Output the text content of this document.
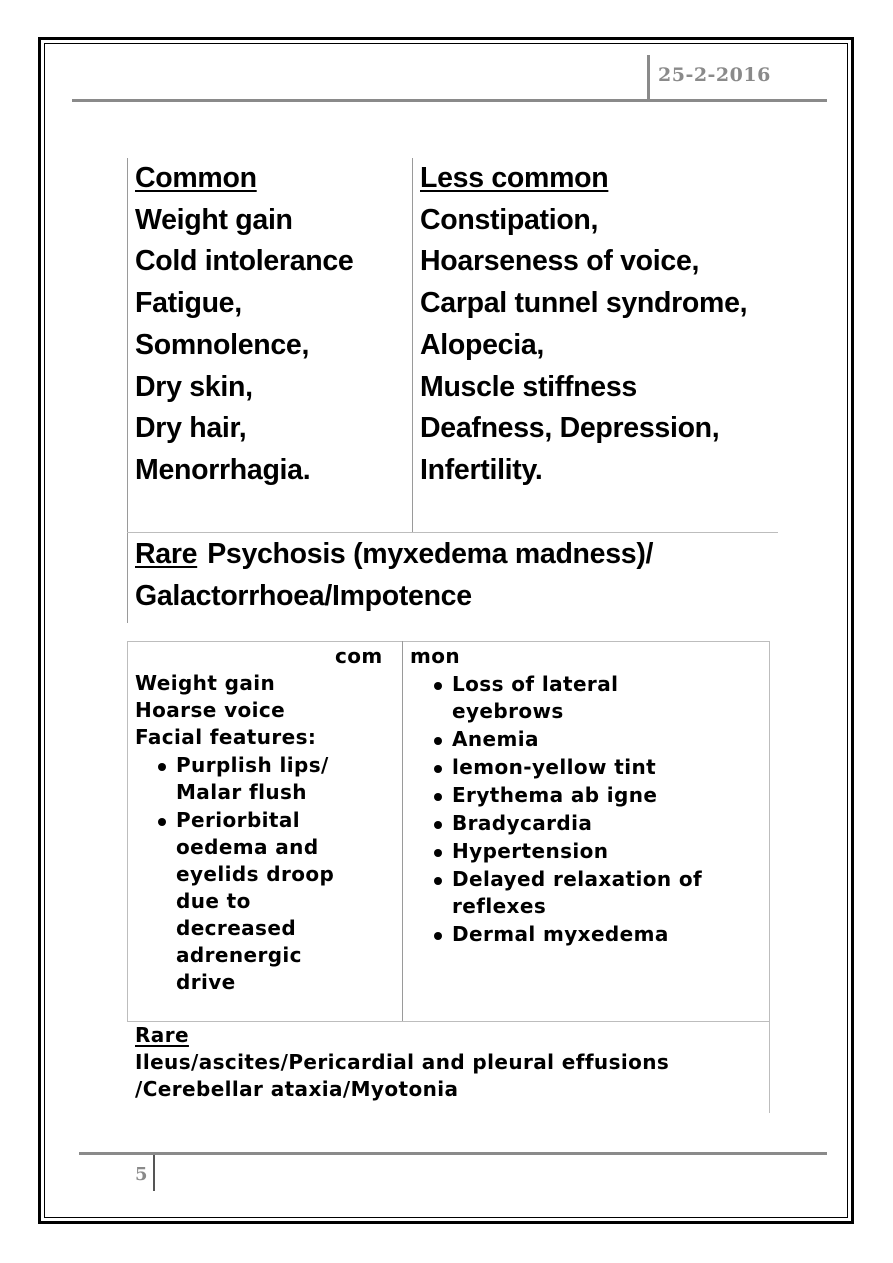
25-2-2016
Common
Weight gain
Cold intolerance
Fatigue,
Somnolence,
Dry skin,
Dry hair,
Menorrhagia.
Less common
Constipation,
Hoarseness of voice,
Carpal tunnel syndrome,
Alopecia,
Muscle stiffness
Deafness, Depression,
Infertility.
Rare Psychosis (myxedema madness)/
Galactorrhoea/Impotence
com mon
Weight gain
Hoarse voice
Facial features:
Purplish lips/
Malar flush
Periorbital
oedema and
eyelids droop
due to
decreased
adrenergic
drive
Loss of lateral
eyebrows
Anemia
lemon-yellow tint
Erythema ab igne
Bradycardia
Hypertension
Delayed relaxation of
reflexes
Dermal myxedema
Rare
Ileus/ascites/Pericardial and pleural effusions
/Cerebellar ataxia/Myotonia
5
